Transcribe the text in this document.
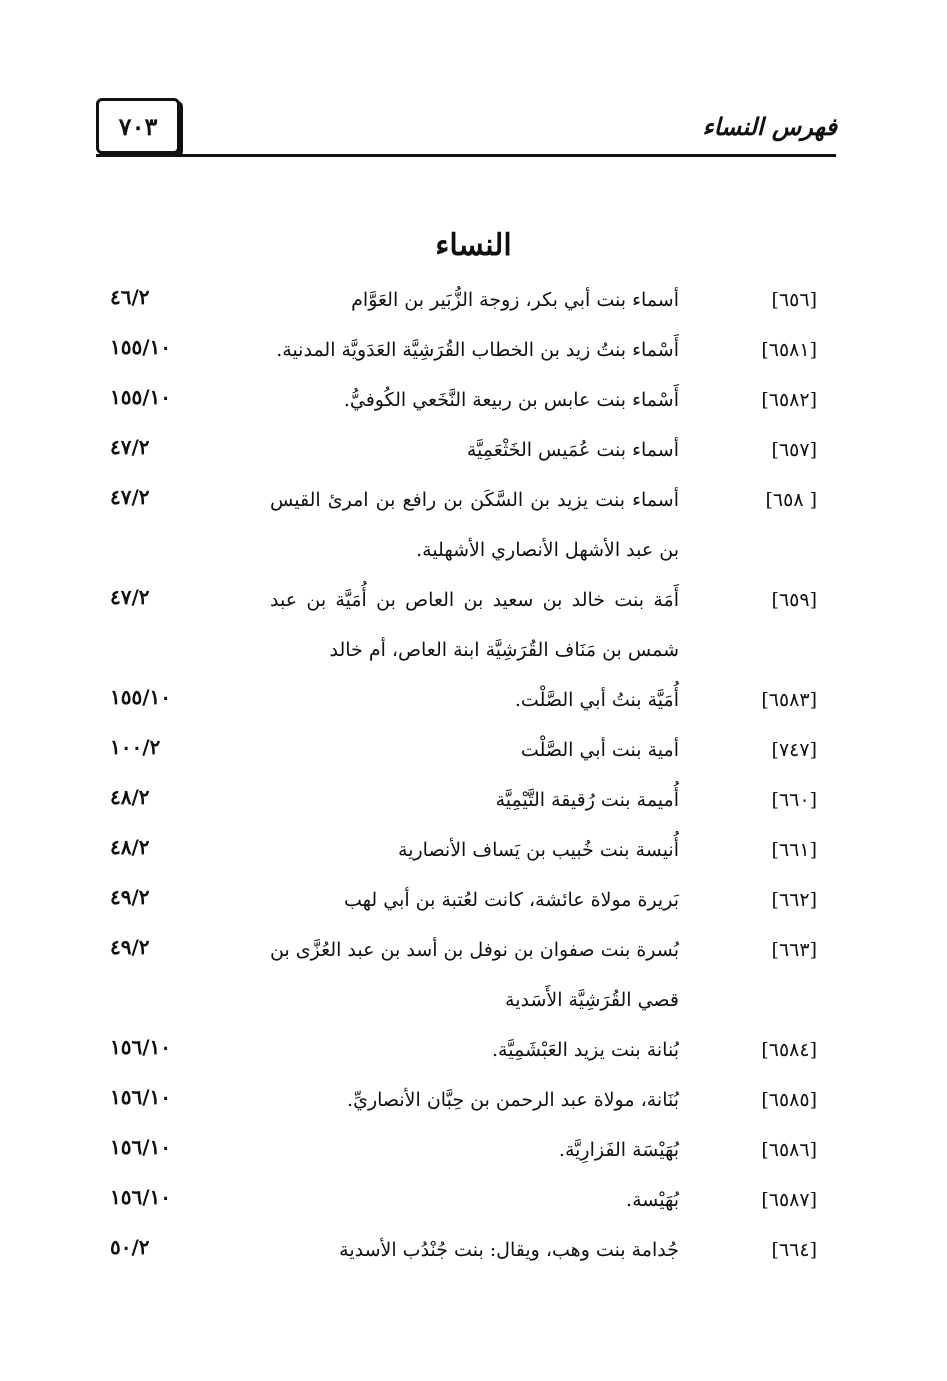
فهرس النساء
٧٠٣
النساء
[٦٥٦]
أسماء بنت أبي بكر، زوجة الزُّبَير بن العَوَّام
٤٦/٢
[٦٥٨١]
أَسْماء بنتُ زيد بن الخطاب القُرَشِيَّة العَدَويَّة المدنية.
١٥٥/١٠
[٦٥٨٢]
أَسْماء بنت عابس بن ربيعة النَّخَعي الكُوفيُّ.
١٥٥/١٠
[٦٥٧]
أسماء بنت عُمَيس الخَثْعَمِيَّة
٤٧/٢
[ ٦٥٨]
أسماء بنت يزيد بن السَّكَن بن رافع بن امرئ القيس بن عبد الأشهل الأنصاري الأشهلية.
٤٧/٢
[٦٥٩]
أَمَة بنت خالد بن سعيد بن العاص بن أُمَيَّة بن عبد شمس بن مَنَاف القُرَشِيَّة ابنة العاص، أم خالد
٤٧/٢
[٦٥٨٣]
أُمَيَّة بنتُ أبي الصَّلْت.
١٥٥/١٠
[٧٤٧]
أمية بنت أبي الصَّلْت
١٠٠/٢
[٦٦٠]
أُميمة بنت رُقيقة التَّيْمِيَّة
٤٨/٢
[٦٦١]
أُنيسة بنت خُبيب بن يَساف الأنصارية
٤٨/٢
[٦٦٢]
بَريرة مولاة عائشة، كانت لعُتبة بن أبي لهب
٤٩/٢
[٦٦٣]
بُسرة بنت صفوان بن نوفل بن أسد بن عبد العُزَّى بن قصي القُرَشِيَّة الأَسَدية
٤٩/٢
[٦٥٨٤]
بُنانة بنت يزيد العَبْشَمِيَّة.
١٥٦/١٠
[٦٥٨٥]
بُنَانة، مولاة عبد الرحمن بن حِبَّان الأنصاريِّ.
١٥٦/١٠
[٦٥٨٦]
بُهَيْسَة الفَزارِيَّة.
١٥٦/١٠
[٦٥٨٧]
بُهَيْسة.
١٥٦/١٠
[٦٦٤]
جُدامة بنت وهب، ويقال: بنت جُنْدُب الأسدية
٥٠/٢
